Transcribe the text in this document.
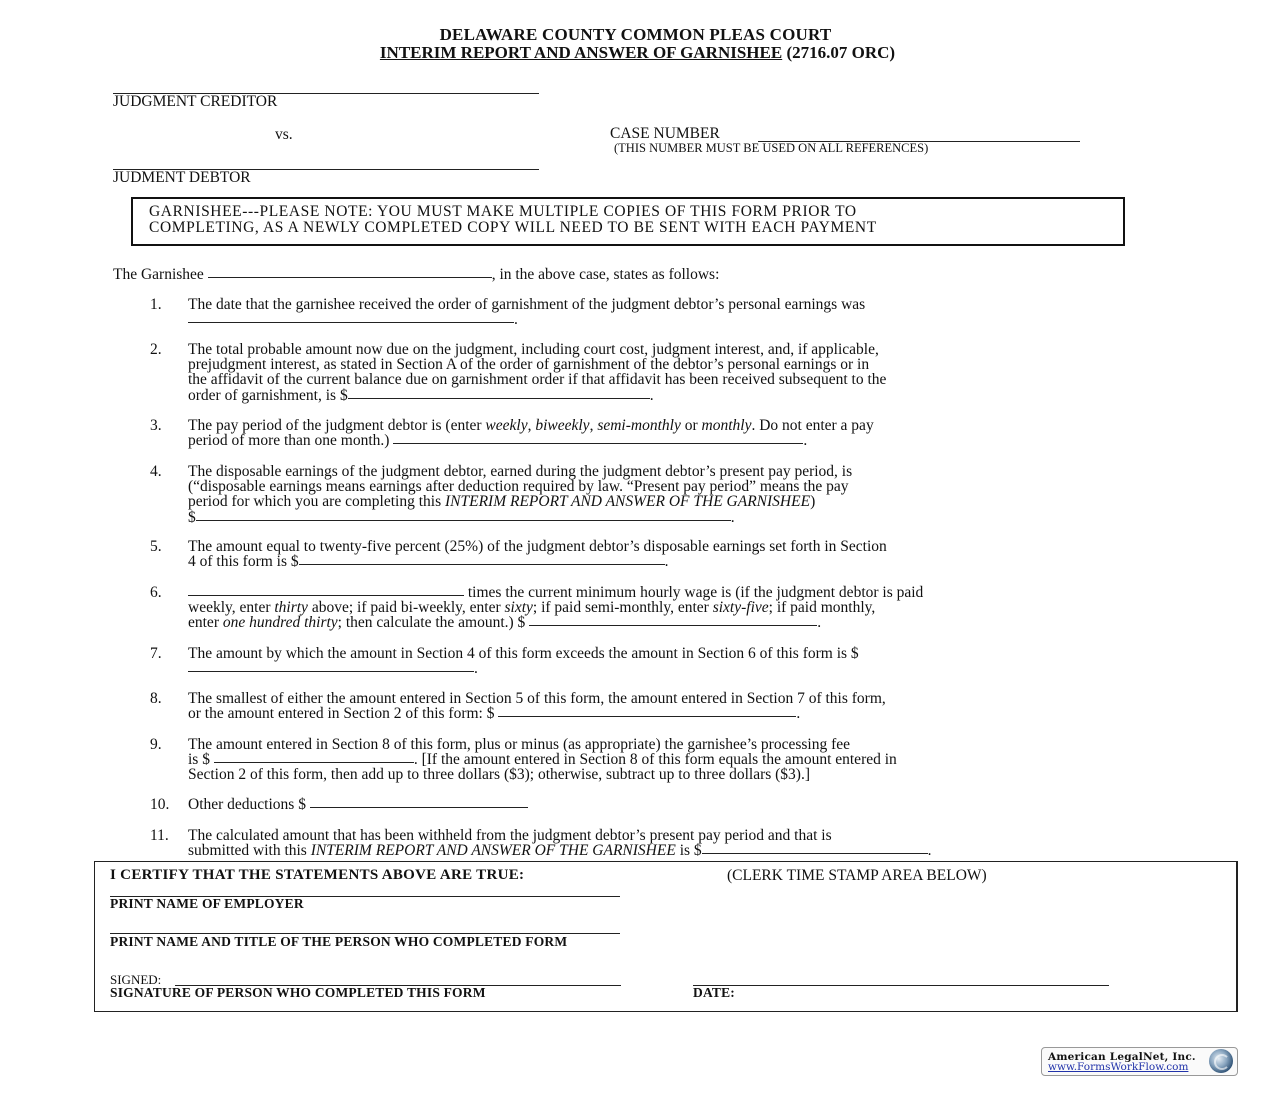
DELAWARE COUNTY COMMON PLEAS COURT
INTERIM REPORT AND ANSWER OF GARNISHEE (2716.07 ORC)
JUDGMENT CREDITOR
vs.	CASE NUMBER
(THIS NUMBER MUST BE USED ON ALL REFERENCES)
JUDMENT DEBTOR
GARNISHEE---PLEASE NOTE: YOU MUST MAKE MULTIPLE COPIES OF THIS FORM PRIOR TO
COMPLETING, AS A NEWLY COMPLETED COPY WILL NEED TO BE SENT WITH EACH PAYMENT
The Garnishee	, in the above case, states as follows:
1. The date that the garnishee received the order of garnishment of the judgment debtor’s personal earnings was
.
2. The total probable amount now due on the judgment, including court cost, judgment interest, and, if applicable,
prejudgment interest, as stated in Section A of the order of garnishment of the debtor’s personal earnings or in
the affidavit of the current balance due on garnishment order if that affidavit has been received subsequent to the
order of garnishment, is $	.
3. The pay period of the judgment debtor is (enter weekly, biweekly, semi-monthly or monthly. Do not enter a pay
period of more than one month.)	.
4. The disposable earnings of the judgment debtor, earned during the judgment debtor’s present pay period, is
(“disposable earnings means earnings after deduction required by law. “Present pay period” means the pay
period for which you are completing this INTERIM REPORT AND ANSWER OF THE GARNISHEE)
$	.
5. The amount equal to twenty-five percent (25%) of the judgment debtor’s disposable earnings set forth in Section
4 of this form is $	.
6.	times the current minimum hourly wage is (if the judgment debtor is paid
weekly, enter thirty above; if paid bi-weekly, enter sixty; if paid semi-monthly, enter sixty-five; if paid monthly,
enter one hundred thirty; then calculate the amount.) $	.
7. The amount by which the amount in Section 4 of this form exceeds the amount in Section 6 of this form is $
.
8. The smallest of either the amount entered in Section 5 of this form, the amount entered in Section 7 of this form,
or the amount entered in Section 2 of this form: $	.
9. The amount entered in Section 8 of this form, plus or minus (as appropriate) the garnishee’s processing fee
is $	. [If the amount entered in Section 8 of this form equals the amount entered in
Section 2 of this form, then add up to three dollars ($3); otherwise, subtract up to three dollars ($3).]
10. Other deductions $
11. The calculated amount that has been withheld from the judgment debtor’s present pay period and that is
submitted with this INTERIM REPORT AND ANSWER OF THE GARNISHEE is $	.
I CERTIFY THAT THE STATEMENTS ABOVE ARE TRUE:	(CLERK TIME STAMP AREA BELOW)
PRINT NAME OF EMPLOYER
PRINT NAME AND TITLE OF THE PERSON WHO COMPLETED FORM
SIGNED:
SIGNATURE OF PERSON WHO COMPLETED THIS FORM	DATE:
American LegalNet, Inc.
www.FormsWorkFlow.com
